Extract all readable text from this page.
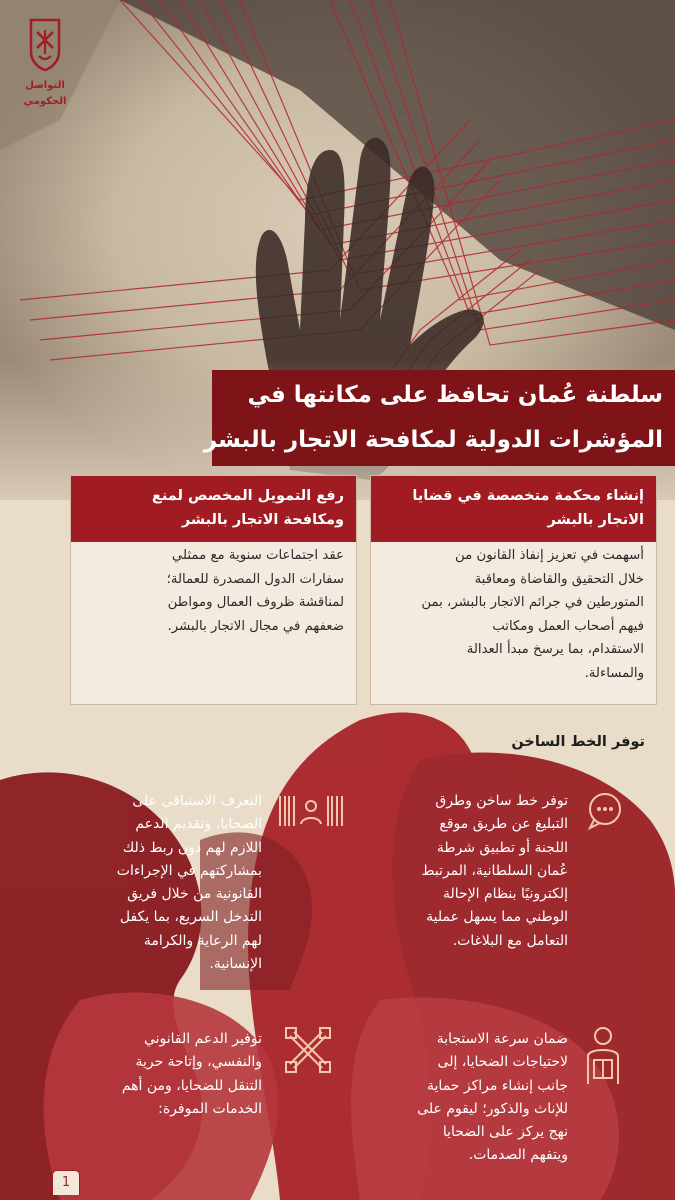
التواصل
الحكومي
سلطنة عُمان تحافظ على مكانتها في
المؤشرات الدولية لمكافحة الاتجار بالبشر
إنشاء محكمة متخصصة في قضايا
الاتجار بالبشر
أسهمت في تعزيز إنفاذ القانون من
خلال التحقيق والقاضاة ومعاقبة
المتورطين في جرائم الاتجار بالبشر، بمن
فيهم أصحاب العمل ومكاتب
الاستقدام، بما يرسخ مبدأ العدالة
والمساءلة.
رفع التمويل المخصص لمنع
ومكافحة الاتجار بالبشر
عقد اجتماعات سنوية مع ممثلي
سفارات الدول المصدرة للعمالة؛
لمناقشة ظروف العمال ومواطن
ضعفهم في مجال الاتجار بالبشر.
توفر الخط الساخن
توفر خط ساخن وطرق
التبليغ عن طريق موقع
اللجنة أو تطبيق شرطة
عُمان السلطانية، المرتبط
إلكترونيًا بنظام الإحالة
الوطني مما يسهل عملية
التعامل مع البلاغات.
التعرف الاستباقي على
الضحايا، وتقديم الدعم
اللازم لهم دون ربط ذلك
بمشاركتهم في الإجراءات
القانونية من خلال فريق
التدخل السريع، بما يكفل
لهم الرعاية والكرامة
الإنسانية.
ضمان سرعة الاستجابة
لاحتياجات الضحايا، إلى
جانب إنشاء مراكز حماية
للإناث والذكور؛ ليقوم على
نهج يركز على الضحايا
ويتفهم الصدمات.
توفير الدعم القانوني
والنفسي، وإتاحة حرية
التنقل للضحايا، ومن أهم
الخدمات الموفرة:
1
